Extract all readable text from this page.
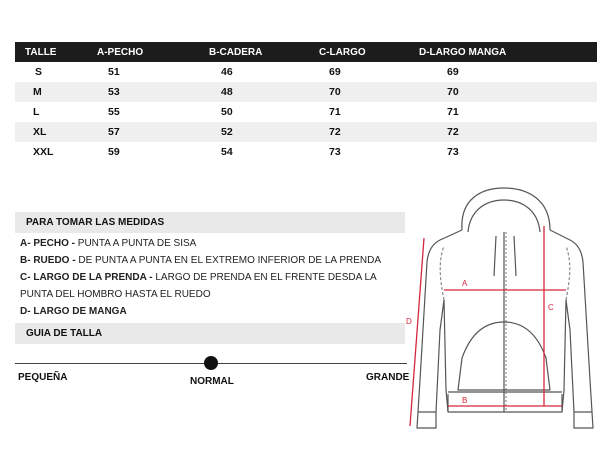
TALLE	A-PECHO	B-CADERA	C-LARGO	D-LARGO MANGA
S	51	46	69	69
M	53	48	70	70
L	55	50	71	71
XL	57	52	72	72
XXL	59	54	73	73
PARA TOMAR LAS MEDIDAS
A- PECHO - PUNTA A PUNTA DE SISA
B- RUEDO - DE PUNTA A PUNTA EN EL EXTREMO INFERIOR DE LA PRENDA
C- LARGO DE LA PRENDA - LARGO DE PRENDA EN EL FRENTE DESDA LA PUNTA DEL HOMBRO HASTA EL RUEDO
D- LARGO DE MANGA
GUIA DE TALLA
PEQUEÑA	NORMAL	GRANDE
A
B
C
D
